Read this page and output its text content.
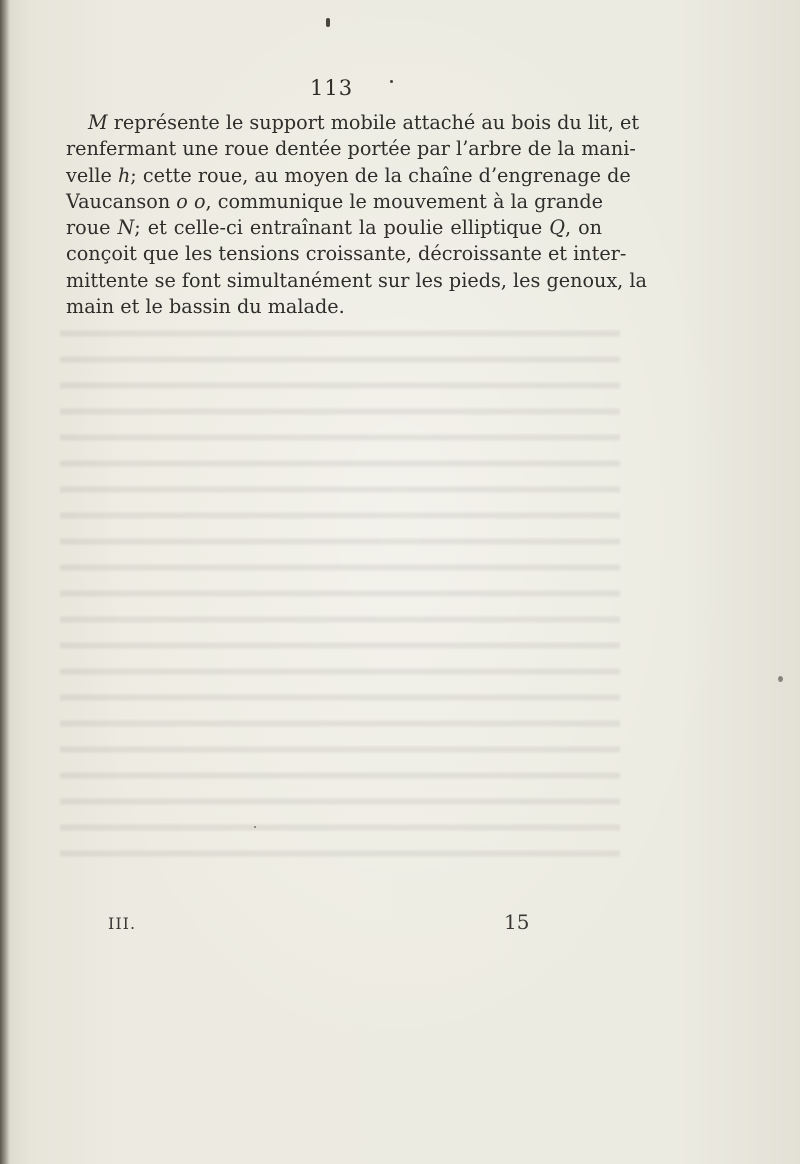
113
M représente le support mobile attaché au bois du lit, et
renfermant une roue dentée portée par l’arbre de la mani-
velle h; cette roue, au moyen de la chaîne d’engrenage de
Vaucanson o o, communique le mouvement à la grande
roue N; et celle-ci entraînant la poulie elliptique Q, on
conçoit que les tensions croissante, décroissante et inter-
mittente se font simultanément sur les pieds, les genoux, la
main et le bassin du malade.
III.	15
